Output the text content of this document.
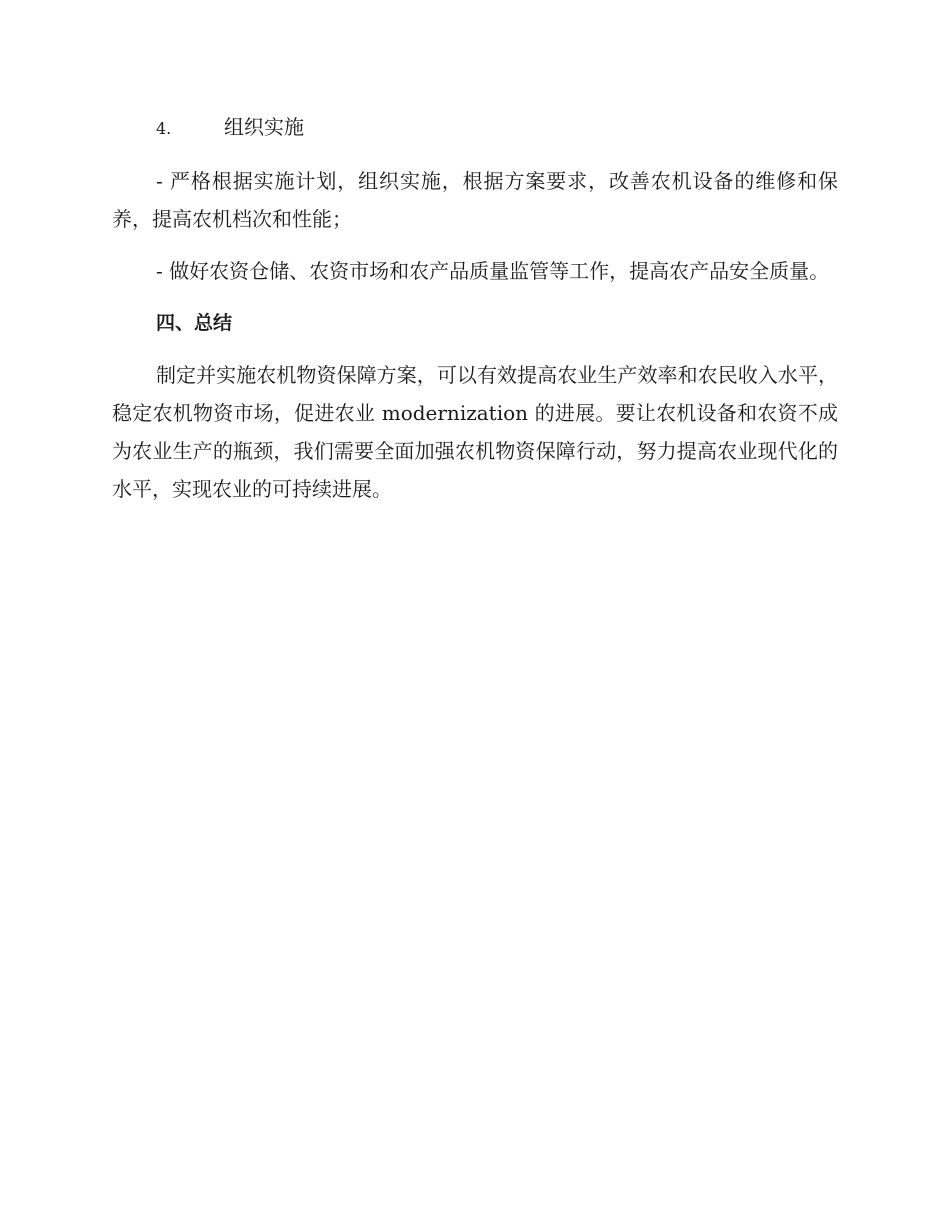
4.	组织实施

- 严格根据实施计划，组织实施，根据方案要求，改善农机设备的维修和保养，提高农机档次和性能；

- 做好农资仓储、农资市场和农产品质量监管等工作，提高农产品安全质量。

四、总结

制定并实施农机物资保障方案，可以有效提高农业生产效率和农民收入水平，稳定农机物资市场，促进农业 modernization 的进展。要让农机设备和农资不成为农业生产的瓶颈，我们需要全面加强农机物资保障行动，努力提高农业现代化的水平，实现农业的可持续进展。
